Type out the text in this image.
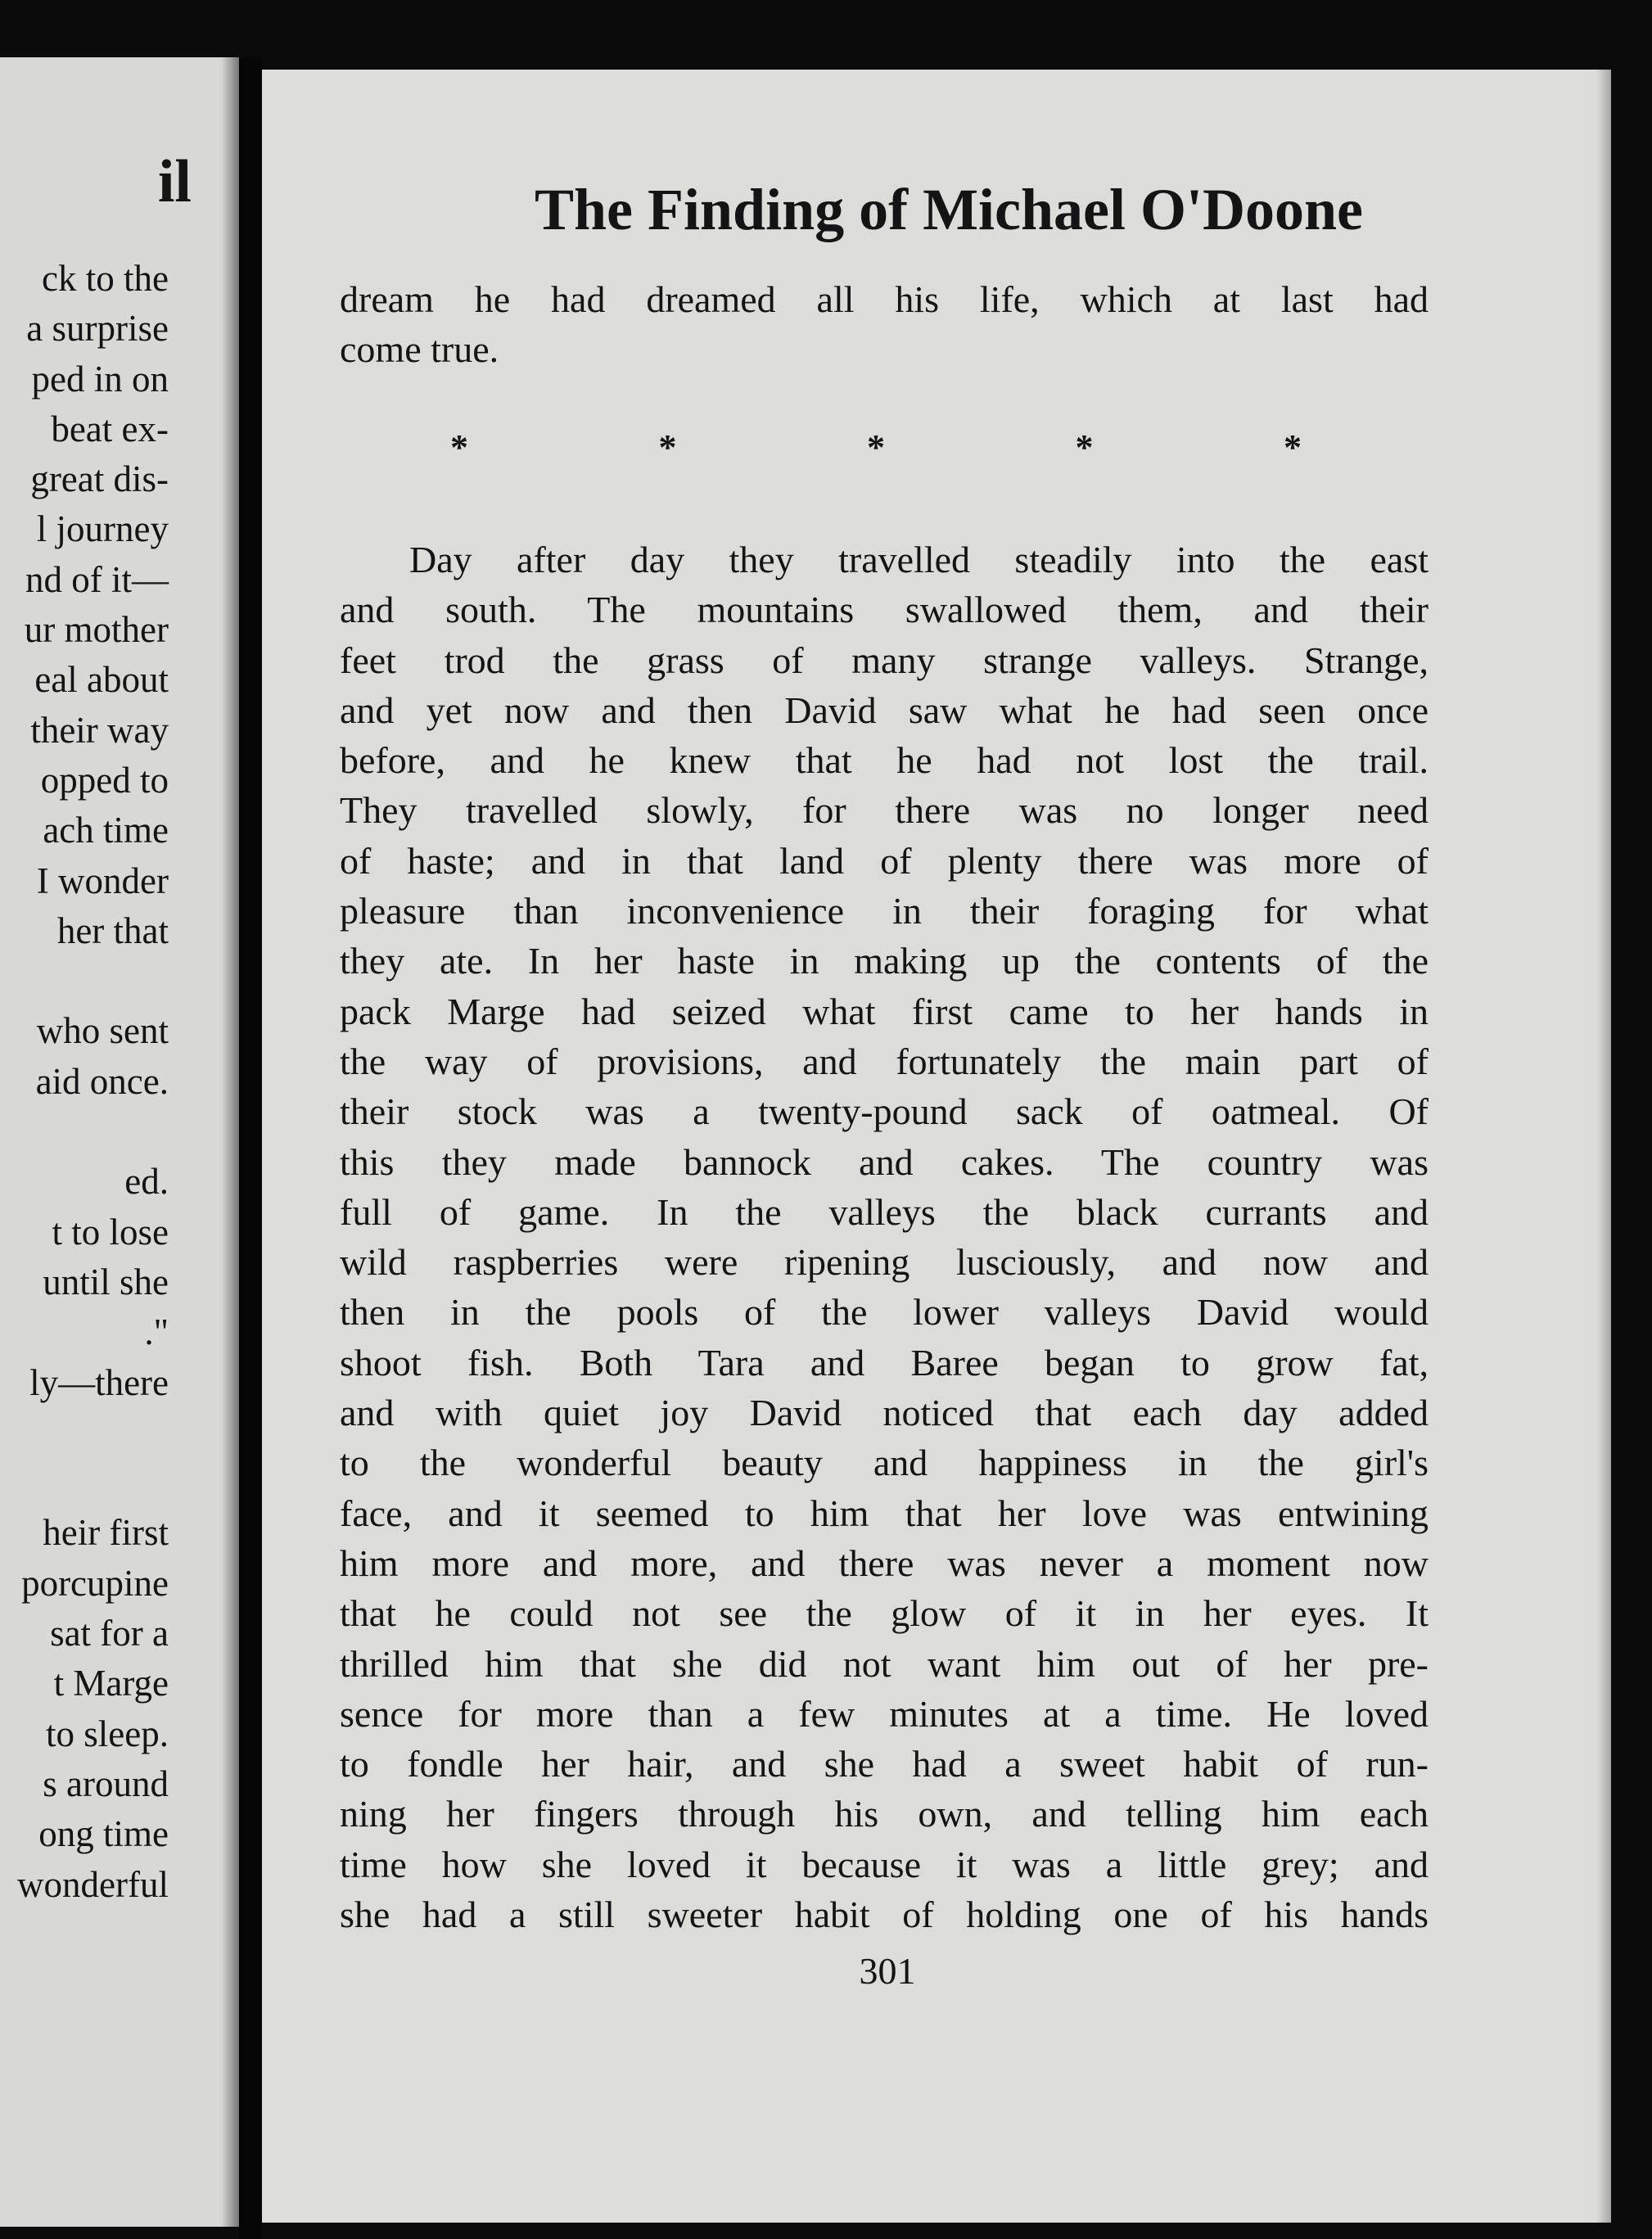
il
ck to the
a surprise
ped in on
beat ex-
great dis-
l journey
nd of it—
ur mother
eal about
their way
opped to
ach time
I wonder
her that
who sent
aid once.
ed.
t to lose
until she
."
ly—there
heir first
porcupine
sat for a
t Marge
to sleep.
s around
ong time
wonderful
The Finding of Michael O'Doone

dream he had dreamed all his life, which at last had
come true.

*	*	*	*	*

Day after day they travelled steadily into the east
and south. The mountains swallowed them, and their
feet trod the grass of many strange valleys. Strange,
and yet now and then David saw what he had seen once
before, and he knew that he had not lost the trail.
They travelled slowly, for there was no longer need
of haste; and in that land of plenty there was more of
pleasure than inconvenience in their foraging for what
they ate. In her haste in making up the contents of the
pack Marge had seized what first came to her hands in
the way of provisions, and fortunately the main part of
their stock was a twenty-pound sack of oatmeal. Of
this they made bannock and cakes. The country was
full of game. In the valleys the black currants and
wild raspberries were ripening lusciously, and now and
then in the pools of the lower valleys David would
shoot fish. Both Tara and Baree began to grow fat,
and with quiet joy David noticed that each day added
to the wonderful beauty and happiness in the girl's
face, and it seemed to him that her love was entwining
him more and more, and there was never a moment now
that he could not see the glow of it in her eyes. It
thrilled him that she did not want him out of her pre-
sence for more than a few minutes at a time. He loved
to fondle her hair, and she had a sweet habit of run-
ning her fingers through his own, and telling him each
time how she loved it because it was a little grey; and
she had a still sweeter habit of holding one of his hands

301
